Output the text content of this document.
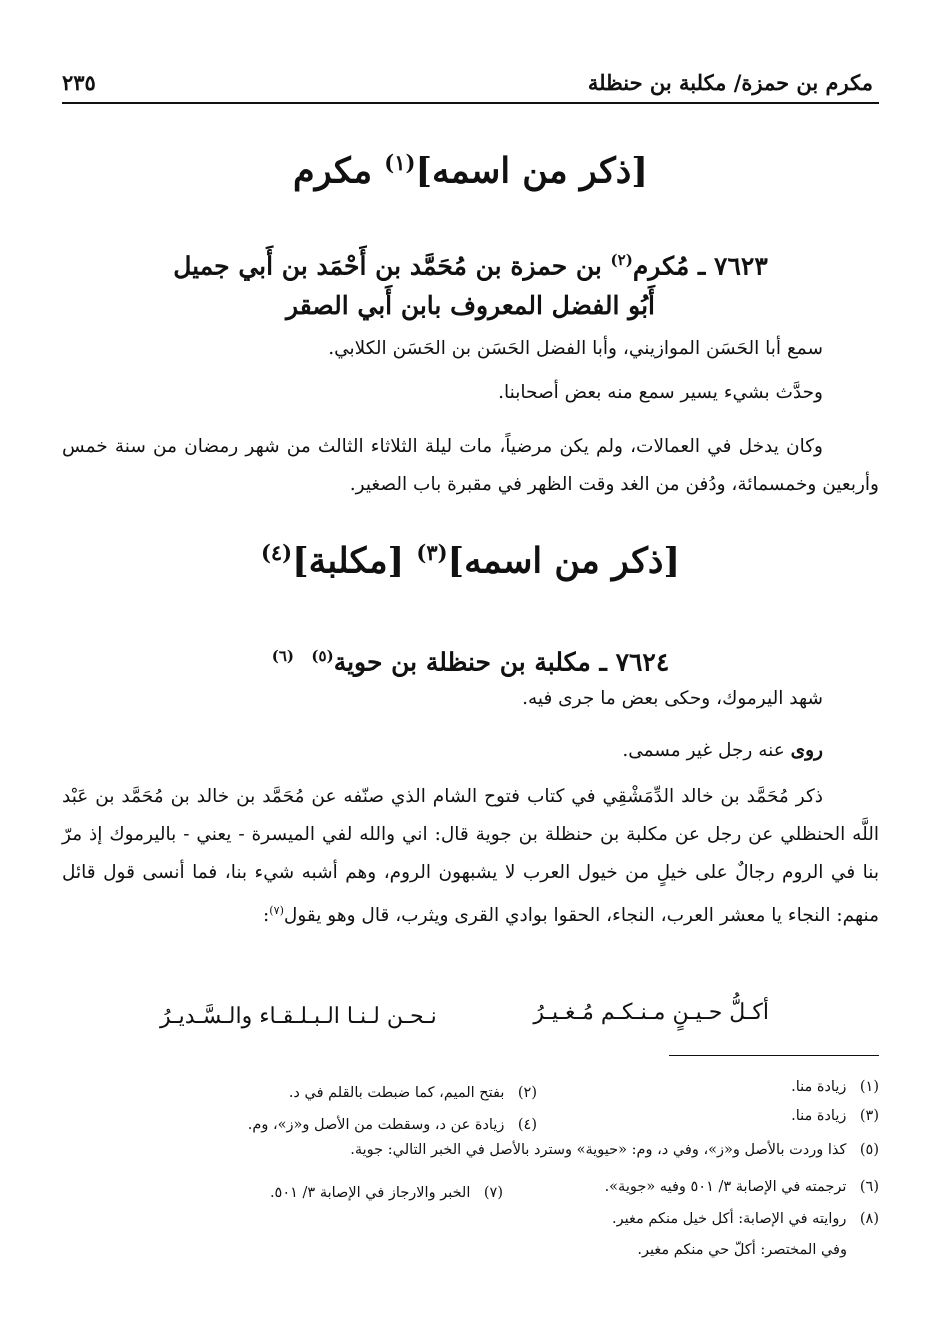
مكرم بن حمزة/ مكلبة بن حنظلة
٢٣٥
[ذكر من اسمه]$^{(١)}$ مكرم
٧٦٢٣ ـ مُكرم$^{(٢)}$ بن حمزة بن مُحَمَّد بن أَحْمَد بن أَبي جميل
أَبُو الفضل المعروف بابن أَبي الصقر
سمع أبا الحَسَن الموازيني، وأبا الفضل الحَسَن بن الحَسَن الكلابي.
وحدَّث بشيء يسير سمع منه بعض أصحابنا.
وكان يدخل في العمالات، ولم يكن مرضياً، مات ليلة الثلاثاء الثالث من شهر رمضان من سنة خمس وأربعين وخمسمائة، ودُفن من الغد وقت الظهر في مقبرة باب الصغير.
[ذكر من اسمه]$^{(٣)}$ [مكلبة]$^{(٤)}$
٧٦٢٤ ـ مكلبة بن حنظلة بن حوية$^{(٥)}$  $^{(٦)}$
شهد اليرموك، وحكى بعض ما جرى فيه.
روى عنه رجل غير مسمى.
ذكر مُحَمَّد بن خالد الدِّمَشْقِي في كتاب فتوح الشام الذي صنّفه عن مُحَمَّد بن خالد بن مُحَمَّد بن عَبْد اللَّه الحنظلي عن رجل عن مكلبة بن حنظلة بن جوية قال: اني والله لفي الميسرة - يعني - باليرموك إذ مرّ بنا في الروم رجالٌ على خيلٍ من خيول العرب لا يشبهون الروم، وهم أشبه شيء بنا، فما أنسى قول قائل منهم: النجاء يا معشر العرب، النجاء، الحقوا بوادي القرى ويثرب، قال وهو يقول$^{(٧)}$:
أكـلُّ حـيـنٍ مـنـكـم مُـغـيـرُ
نـحـن لـنـا الـبـلـقـاء والـسَّـديـرُ
(١) زيادة منا.
(٢) بفتح الميم، كما ضبطت بالقلم في د.
(٣) زيادة منا.
(٤) زيادة عن د، وسقطت من الأصل و«ز»، وم.
(٥) كذا وردت بالأصل و«ز»، وفي د، وم: «حيوية» وسترد بالأصل في الخبر التالي: جوية.
(٦) ترجمته في الإصابة ٣/ ٥٠١ وفيه «جوية».
(٧) الخبر والارجاز في الإصابة ٣/ ٥٠١.
(٨) روايته في الإصابة: أكل خيل منكم مغير.
وفي المختصر: أكلّ حي منكم مغير.
